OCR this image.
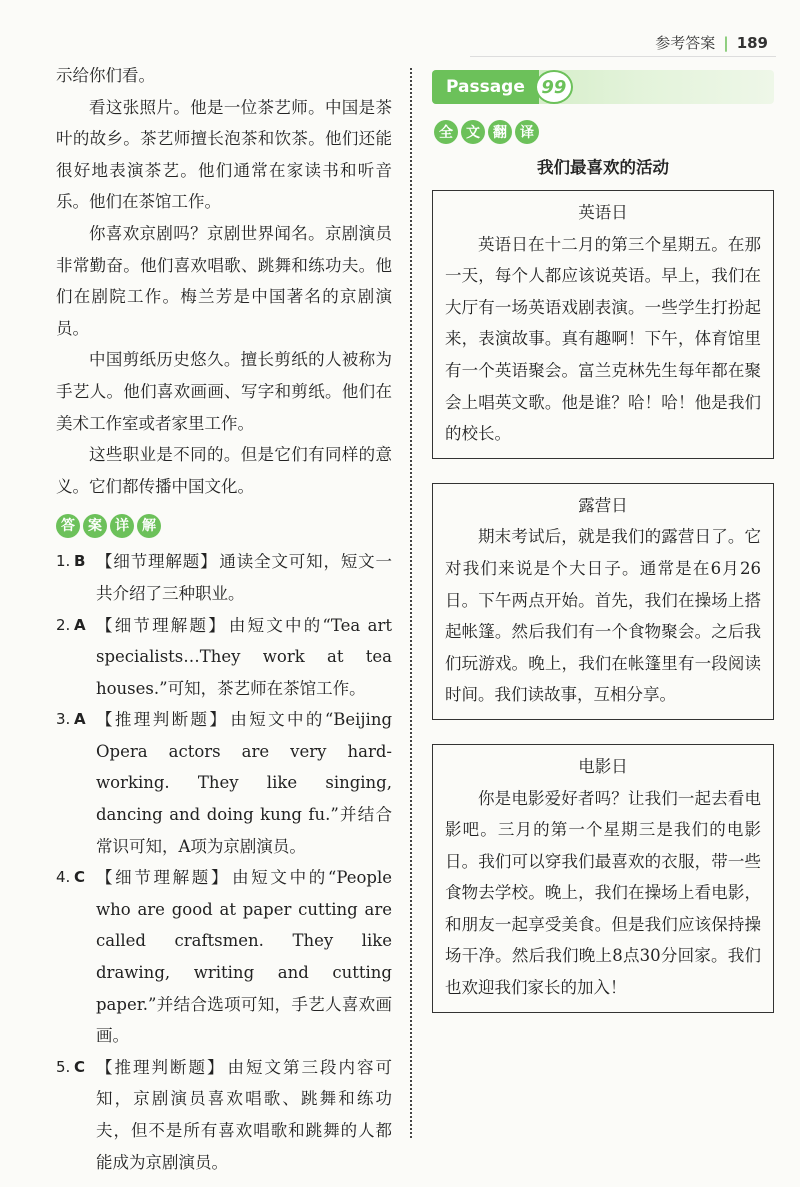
参考答案 | 189

示给你们看。

看这张照片。他是一位茶艺师。中国是茶叶的故乡。茶艺师擅长泡茶和饮茶。他们还能很好地表演茶艺。他们通常在家读书和听音乐。他们在茶馆工作。

你喜欢京剧吗？京剧世界闻名。京剧演员非常勤奋。他们喜欢唱歌、跳舞和练功夫。他们在剧院工作。梅兰芳是中国著名的京剧演员。

中国剪纸历史悠久。擅长剪纸的人被称为手艺人。他们喜欢画画、写字和剪纸。他们在美术工作室或者家里工作。

这些职业是不同的。但是它们有同样的意义。它们都传播中国文化。

答 案 详 解
1. B 【细节理解题】 通读全文可知，短文一共介绍了三种职业。
2. A 【细节理解题】 由短文中的“Tea art specialists…They work at tea houses.”可知，茶艺师在茶馆工作。
3. A 【推理判断题】 由短文中的“Beijing Opera actors are very hard-working. They like singing, dancing and doing kung fu.”并结合常识可知，A项为京剧演员。
4. C 【细节理解题】 由短文中的“People who are good at paper cutting are called craftsmen. They like drawing, writing and cutting paper.”并结合选项可知，手艺人喜欢画画。
5. C 【推理判断题】 由短文第三段内容可知，京剧演员喜欢唱歌、跳舞和练功夫，但不是所有喜欢唱歌和跳舞的人都能成为京剧演员。
Passage 99
全 文 翻 译
我们最喜欢的活动
英语日

英语日在十二月的第三个星期五。在那一天，每个人都应该说英语。早上，我们在大厅有一场英语戏剧表演。一些学生打扮起来，表演故事。真有趣啊！下午，体育馆里有一个英语聚会。富兰克林先生每年都在聚会上唱英文歌。他是谁？哈！哈！他是我们的校长。

露营日

期末考试后，就是我们的露营日了。它对我们来说是个大日子。通常是在6月26日。下午两点开始。首先，我们在操场上搭起帐篷。然后我们有一个食物聚会。之后我们玩游戏。晚上，我们在帐篷里有一段阅读时间。我们读故事，互相分享。

电影日

你是电影爱好者吗？让我们一起去看电影吧。三月的第一个星期三是我们的电影日。我们可以穿我们最喜欢的衣服，带一些食物去学校。晚上，我们在操场上看电影，和朋友一起享受美食。但是我们应该保持操场干净。然后我们晚上8点30分回家。我们也欢迎我们家长的加入！
